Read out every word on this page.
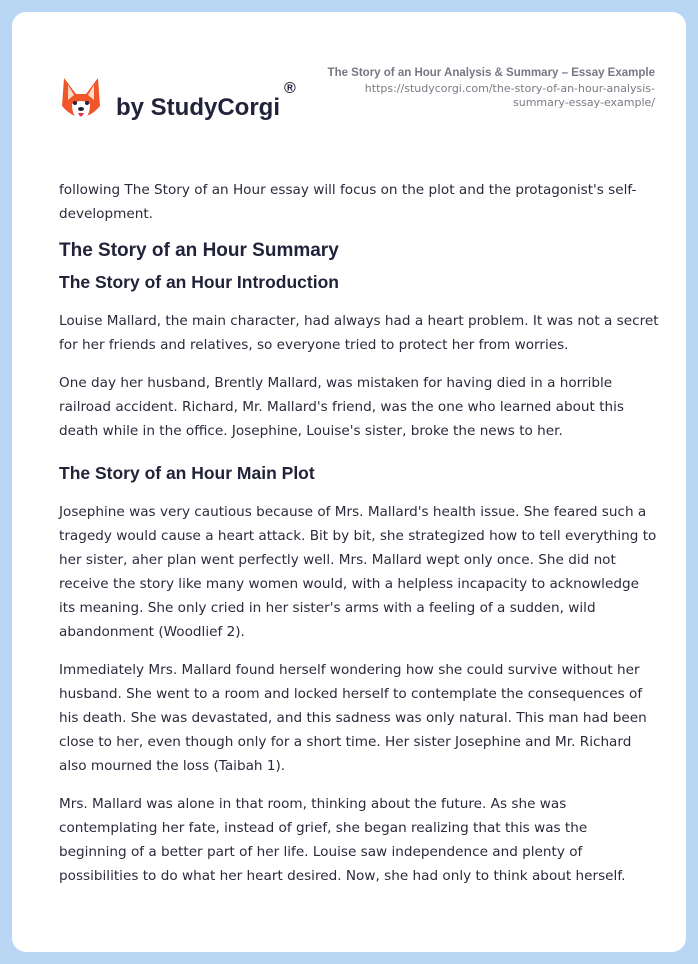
by StudyCorgi®
The Story of an Hour Analysis & Summary – Essay Example
https://studycorgi.com/the-story-of-an-hour-analysis-summary-essay-example/

following The Story of an Hour essay will focus on the plot and the protagonist's self-development.

The Story of an Hour Summary
The Story of an Hour Introduction

Louise Mallard, the main character, had always had a heart problem. It was not a secret for her friends and relatives, so everyone tried to protect her from worries.

One day her husband, Brently Mallard, was mistaken for having died in a horrible railroad accident. Richard, Mr. Mallard's friend, was the one who learned about this death while in the office. Josephine, Louise's sister, broke the news to her.

The Story of an Hour Main Plot

Josephine was very cautious because of Mrs. Mallard's health issue. She feared such a tragedy would cause a heart attack. Bit by bit, she strategized how to tell everything to her sister, aher plan went perfectly well. Mrs. Mallard wept only once. She did not receive the story like many women would, with a helpless incapacity to acknowledge its meaning. She only cried in her sister's arms with a feeling of a sudden, wild abandonment (Woodlief 2).

Immediately Mrs. Mallard found herself wondering how she could survive without her husband. She went to a room and locked herself to contemplate the consequences of his death. She was devastated, and this sadness was only natural. This man had been close to her, even though only for a short time. Her sister Josephine and Mr. Richard also mourned the loss (Taibah 1).

Mrs. Mallard was alone in that room, thinking about the future. As she was contemplating her fate, instead of grief, she began realizing that this was the beginning of a better part of her life. Louise saw independence and plenty of possibilities to do what her heart desired. Now, she had only to think about herself.
